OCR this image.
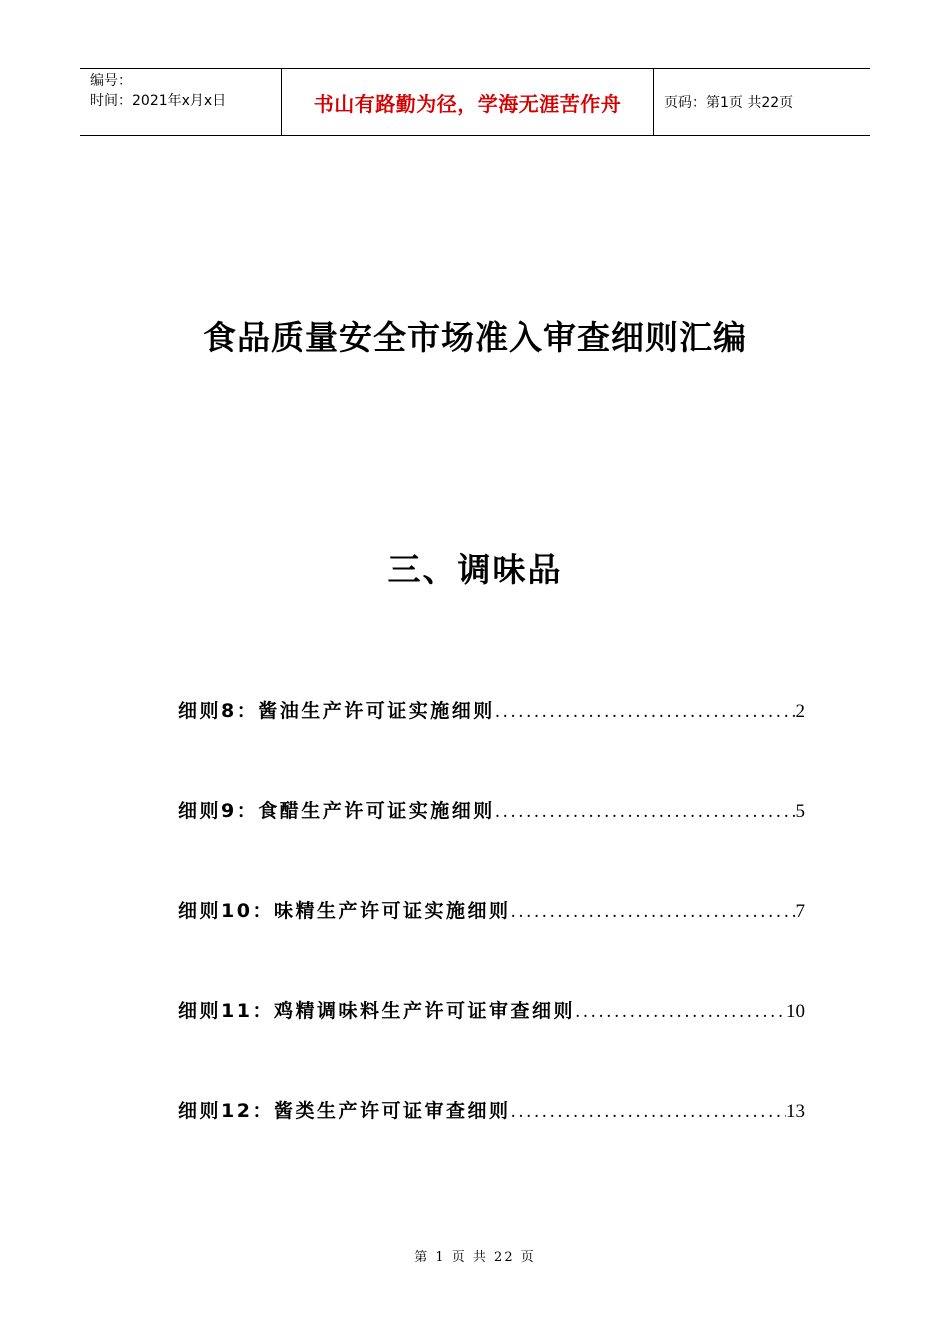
编号：
时间：2021年x月x日	书山有路勤为径，学海无涯苦作舟	页码：第1页 共22页
食品质量安全市场准入审查细则汇编
三、调味品
细则8：酱油生产许可证实施细则 .....	2
细则9：食醋生产许可证实施细则 .....	5
细则10：味精生产许可证实施细则 .....	7
细则11：鸡精调味料生产许可证审查细则 .....	10
细则12：酱类生产许可证审查细则 .....	13
第 1 页 共 22 页
